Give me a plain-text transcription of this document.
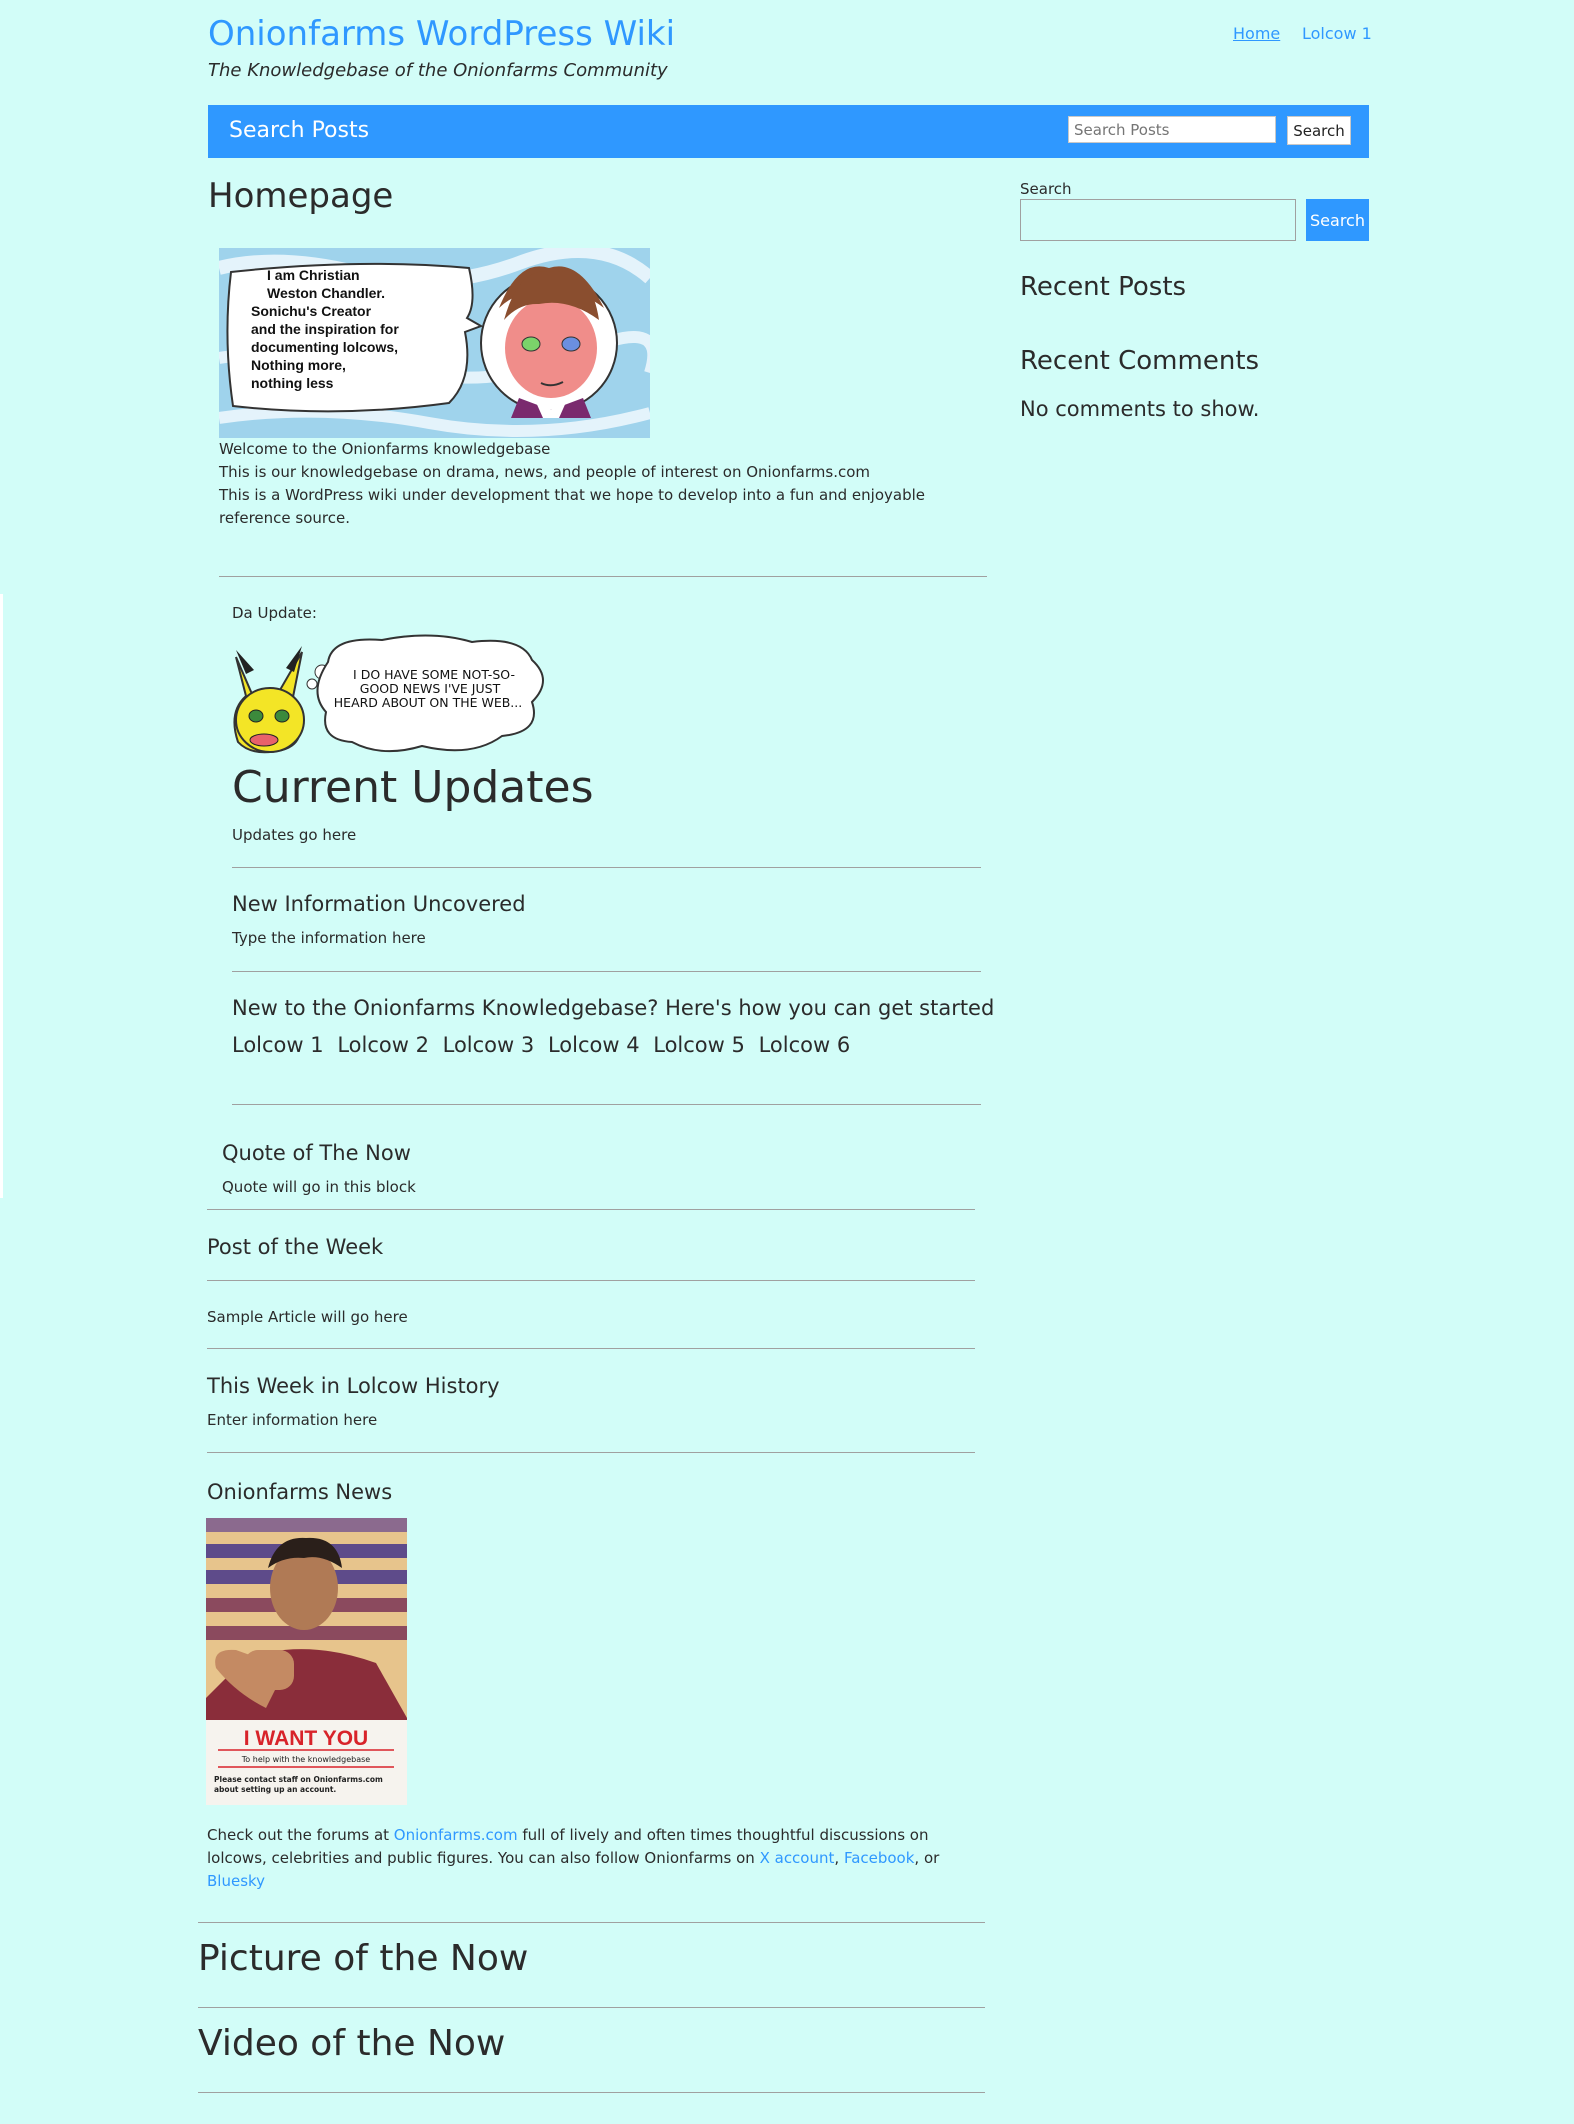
Onionfarms WordPress Wiki
The Knowledgebase of the Onionfarms Community
Home Lolcow 1
Search Posts
Search Posts	Search
Homepage
I am Christian
Weston Chandler.
Sonichu's Creator
and the inspiration for
documenting lolcows,
Nothing more,
nothing less
Welcome to the Onionfarms knowledgebase
This is our knowledgebase on drama, news, and people of interest on Onionfarms.com
This is a WordPress wiki under development that we hope to develop into a fun and enjoyable reference source.
Da Update:
I DO HAVE SOME NOT-SO-
GOOD NEWS I'VE JUST
HEARD ABOUT ON THE WEB...
Current Updates
Updates go here
New Information Uncovered
Type the information here
New to the Onionfarms Knowledgebase? Here's how you can get started
Lolcow 1 Lolcow 2 Lolcow 3 Lolcow 4 Lolcow 5 Lolcow 6
Quote of The Now
Quote will go in this block
Post of the Week
Sample Article will go here
This Week in Lolcow History
Enter information here
Onionfarms News
I WANT YOU
To help with the knowledgebase
Please contact staff on Onionfarms.com
about setting up an account.
Check out the forums at Onionfarms.com full of lively and often times thoughtful discussions on lolcows, celebrities and public figures. You can also follow Onionfarms on X account, Facebook, or Bluesky
Picture of the Now
Video of the Now
Search
Search
Recent Posts
Recent Comments
No comments to show.
